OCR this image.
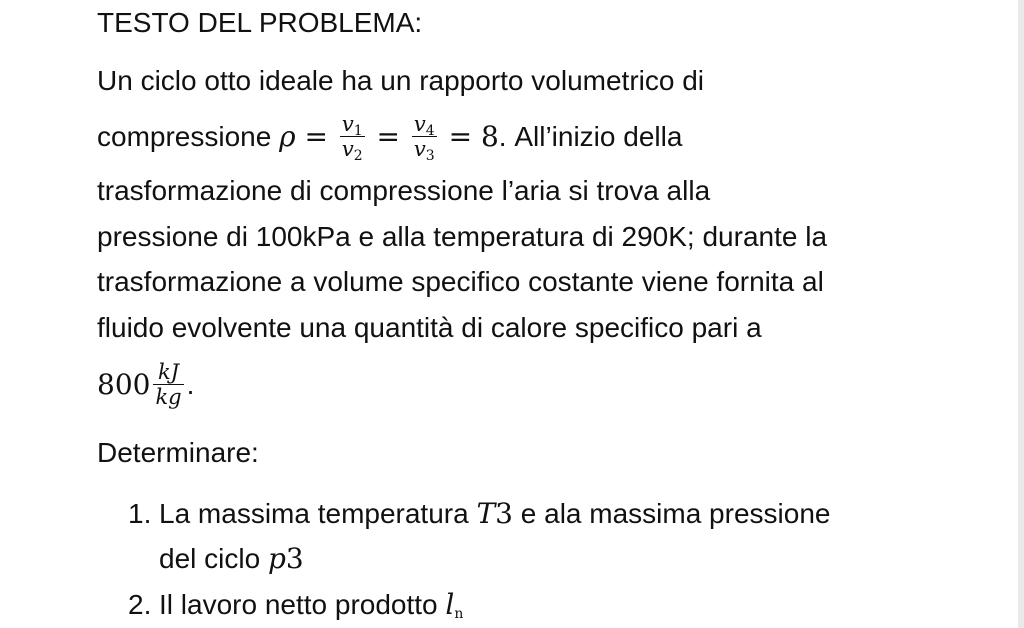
TESTO DEL PROBLEMA:
Un ciclo otto ideale ha un rapporto volumetrico di
compressione $\rho = \frac{v_1}{v_2} = \frac{v_4}{v_3} = 8$. All’inizio della
trasformazione di compressione l’aria si trova alla
pressione di 100kPa e alla temperatura di 290K; durante la
trasformazione a volume specifico costante viene fornita al
fluido evolvente una quantità di calore specifico pari a
$800 \frac{kJ}{kg}$ .
Determinare:
1. La massima temperatura T3 e ala massima pressione
del ciclo p3
2. Il lavoro netto prodotto $l_n$
